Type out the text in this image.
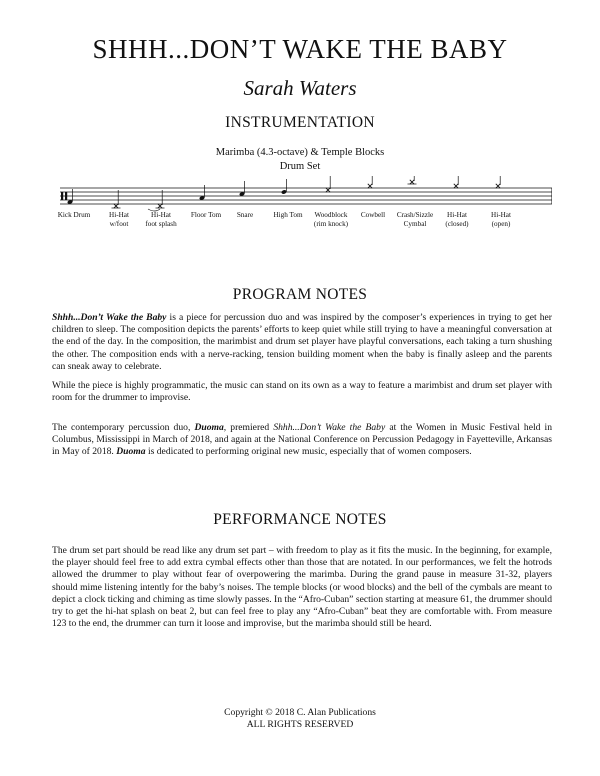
SHHH...DON’T WAKE THE BABY
Sarah Waters
INSTRUMENTATION
Marimba (4.3-octave) & Temple Blocks
Drum Set
Kick Drum	Hi-Hat
w/foot
Hi-Hat
foot splash
Floor Tom Snare	High Tom Woodblock
(rim knock)
Cowbell Crash/Sizzle
Cymbal
Hi-Hat
(closed)
Hi-Hat
(open)
PROGRAM NOTES

Shhh...Don’t Wake the Baby is a piece for percussion duo and was inspired by the composer’s experiences in trying to get her children to sleep. The composition depicts the parents’ efforts to keep quiet while still trying to have a meaningful conversation at the end of the day. In the composition, the marimbist and drum set player have playful conversations, each taking a turn shushing the other. The composition ends with a nerve-racking, tension building moment when the baby is finally asleep and the parents can sneak away to celebrate.

While the piece is highly programmatic, the music can stand on its own as a way to feature a marimbist and drum set player with room for the drummer to improvise.

The contemporary percussion duo, Duoma, premiered Shhh...Don’t Wake the Baby at the Women in Music Festival held in Columbus, Mississippi in March of 2018, and again at the National Conference on Percussion Pedagogy in Fayetteville, Arkansas in May of 2018. Duoma is dedicated to performing original new music, especially that of women composers.

PERFORMANCE NOTES

The drum set part should be read like any drum set part – with freedom to play as it fits the music. In the beginning, for example, the player should feel free to add extra cymbal effects other than those that are notated. In our performances, we felt the hotrods allowed the drummer to play without fear of overpowering the marimba. During the grand pause in measure 31-32, players should mime listening intently for the baby’s noises. The temple blocks (or wood blocks) and the bell of the cymbals are meant to depict a clock ticking and chiming as time slowly passes. In the “Afro-Cuban” section starting at measure 61, the drummer should try to get the hi-hat splash on beat 2, but can feel free to play any “Afro-Cuban” beat they are comfortable with. From measure 123 to the end, the drummer can turn it loose and improvise, but the marimba should still be heard.

Copyright © 2018 C. Alan Publications
ALL RIGHTS RESERVED
